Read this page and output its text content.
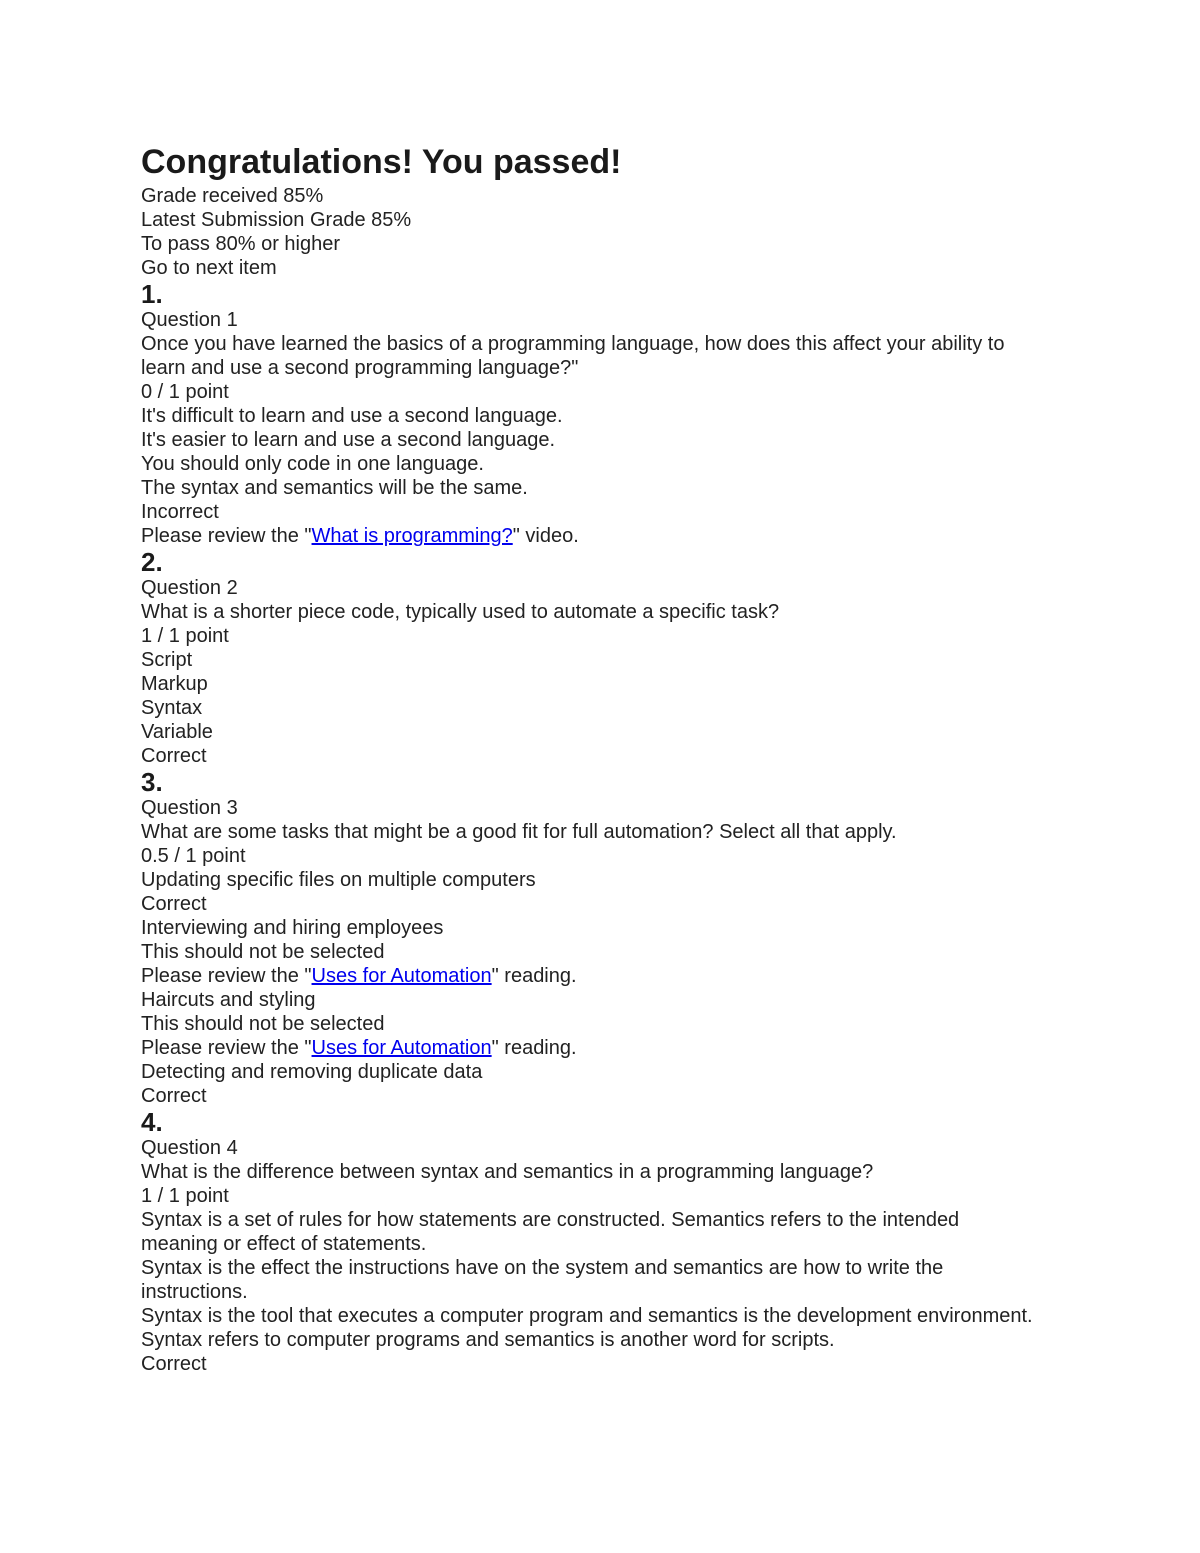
Congratulations! You passed!
Grade received 85%
Latest Submission Grade 85%
To pass 80% or higher
Go to next item
1.
Question 1
Once you have learned the basics of a programming language, how does this affect your ability to learn and use a second programming language?"
0 / 1 point
It's difficult to learn and use a second language.
It's easier to learn and use a second language.
You should only code in one language.
The syntax and semantics will be the same.
Incorrect
Please review the "What is programming?" video.
2.
Question 2
What is a shorter piece code, typically used to automate a specific task?
1 / 1 point
Script
Markup
Syntax
Variable
Correct
3.
Question 3
What are some tasks that might be a good fit for full automation? Select all that apply.
0.5 / 1 point
Updating specific files on multiple computers
Correct
Interviewing and hiring employees
This should not be selected
Please review the "Uses for Automation" reading.
Haircuts and styling
This should not be selected
Please review the "Uses for Automation" reading.
Detecting and removing duplicate data
Correct
4.
Question 4
What is the difference between syntax and semantics in a programming language?
1 / 1 point
Syntax is a set of rules for how statements are constructed. Semantics refers to the intended meaning or effect of statements.
Syntax is the effect the instructions have on the system and semantics are how to write the instructions.
Syntax is the tool that executes a computer program and semantics is the development environment.
Syntax refers to computer programs and semantics is another word for scripts.
Correct
